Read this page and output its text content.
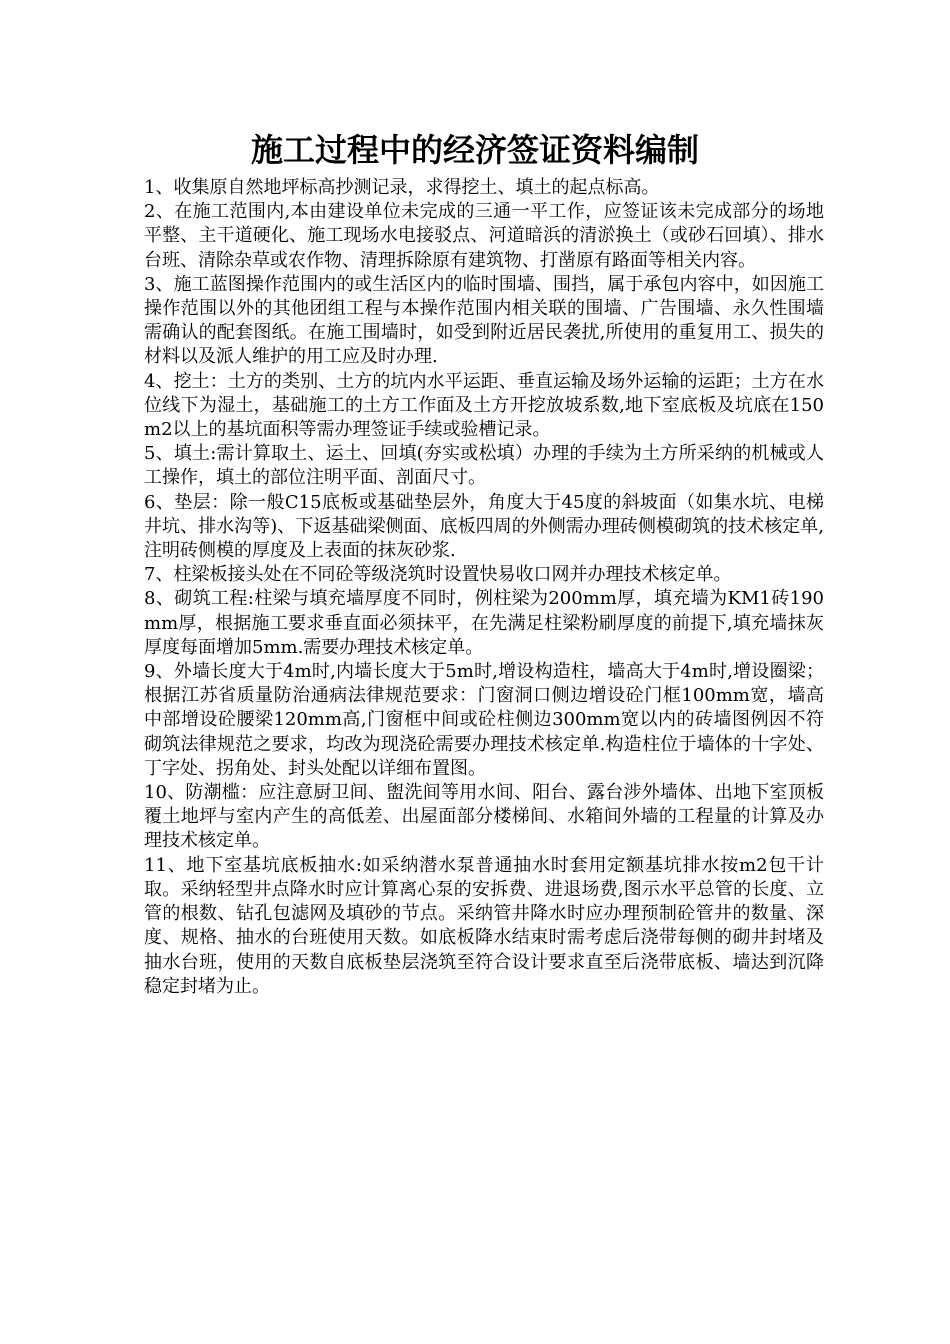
施工过程中的经济签证资料编制

1、收集原自然地坪标高抄测记录，求得挖土、填土的起点标高。

2、在施工范围内,本由建设单位未完成的三通一平工作，应签证该未完成部分的场地平整、主干道硬化、施工现场水电接驳点、河道暗浜的清淤换土（或砂石回填）、排水台班、清除杂草或农作物、清理拆除原有建筑物、打凿原有路面等相关内容。

3、施工蓝图操作范围内的或生活区内的临时围墙、围挡，属于承包内容中，如因施工操作范围以外的其他团组工程与本操作范围内相关联的围墙、广告围墙、永久性围墙需确认的配套图纸。在施工围墙时，如受到附近居民袭扰,所使用的重复用工、损失的材料以及派人维护的用工应及时办理.

4、挖土：土方的类别、土方的坑内水平运距、垂直运输及场外运输的运距；土方在水位线下为湿土，基础施工的土方工作面及土方开挖放坡系数,地下室底板及坑底在150m2以上的基坑面积等需办理签证手续或验槽记录。

5、填土:需计算取土、运土、回填(夯实或松填）办理的手续为土方所采纳的机械或人工操作，填土的部位注明平面、剖面尺寸。

6、垫层：除一般C15底板或基础垫层外，角度大于45度的斜坡面（如集水坑、电梯井坑、排水沟等)、下返基础梁侧面、底板四周的外侧需办理砖侧模砌筑的技术核定单,注明砖侧模的厚度及上表面的抹灰砂浆.

7、柱梁板接头处在不同砼等级浇筑时设置快易收口网并办理技术核定单。

8、砌筑工程:柱梁与填充墙厚度不同时，例柱梁为200mm厚，填充墙为KM1砖190mm厚，根据施工要求垂直面必须抹平，在先满足柱梁粉刷厚度的前提下,填充墙抹灰厚度每面增加5mm.需要办理技术核定单。

9、外墙长度大于4m时,内墙长度大于5m时,增设构造柱，墙高大于4m时,增设圈梁；根据江苏省质量防治通病法律规范要求：门窗洞口侧边增设砼门框100mm宽，墙高中部增设砼腰梁120mm高,门窗框中间或砼柱侧边300mm宽以内的砖墙图例因不符砌筑法律规范之要求，均改为现浇砼需要办理技术核定单.构造柱位于墙体的十字处、丁字处、拐角处、封头处配以详细布置图。

10、防潮槛：应注意厨卫间、盥洗间等用水间、阳台、露台涉外墙体、出地下室顶板覆土地坪与室内产生的高低差、出屋面部分楼梯间、水箱间外墙的工程量的计算及办理技术核定单。

11、地下室基坑底板抽水:如采纳潜水泵普通抽水时套用定额基坑排水按m2包干计取。采纳轻型井点降水时应计算离心泵的安拆费、进退场费,图示水平总管的长度、立管的根数、钻孔包滤网及填砂的节点。采纳管井降水时应办理预制砼管井的数量、深度、规格、抽水的台班使用天数。如底板降水结束时需考虑后浇带每侧的砌井封堵及抽水台班，使用的天数自底板垫层浇筑至符合设计要求直至后浇带底板、墙达到沉降稳定封堵为止。
